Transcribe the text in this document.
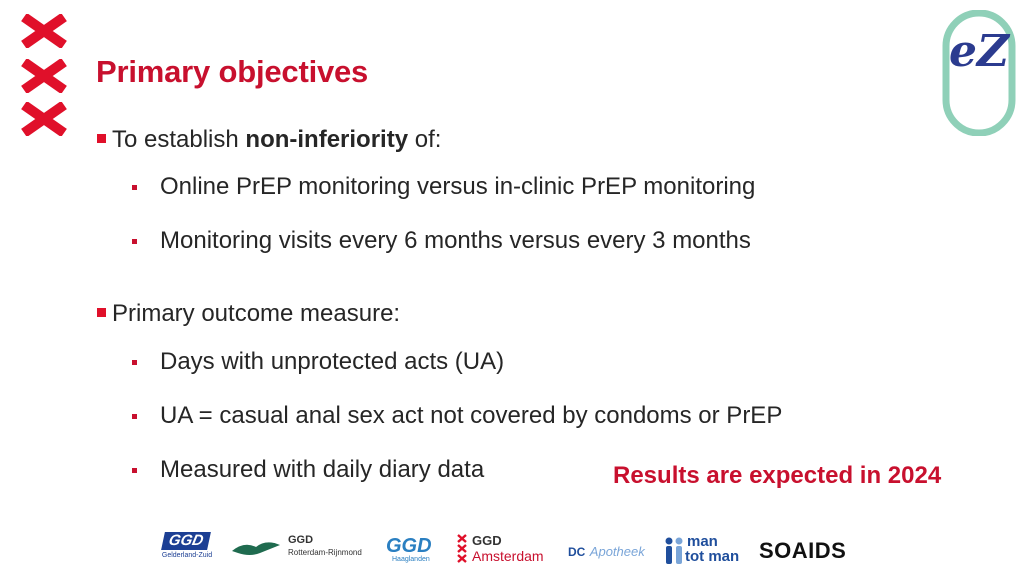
Primary objectives
To establish non-inferiority of:
Online PrEP monitoring versus in-clinic PrEP monitoring
Monitoring visits every 6 months versus every 3 months
Primary outcome measure:
Days with unprotected acts (UA)
UA = casual anal sex act not covered by condoms or PrEP
Measured with daily diary data	Results are expected in 2024
eZ
GGD
Gelderland-Zuid
GGD
Rotterdam-Rijnmond GGD
Haaglanden
GGD
Amsterdam DC Apotheek
man
tot man SOAIDS
